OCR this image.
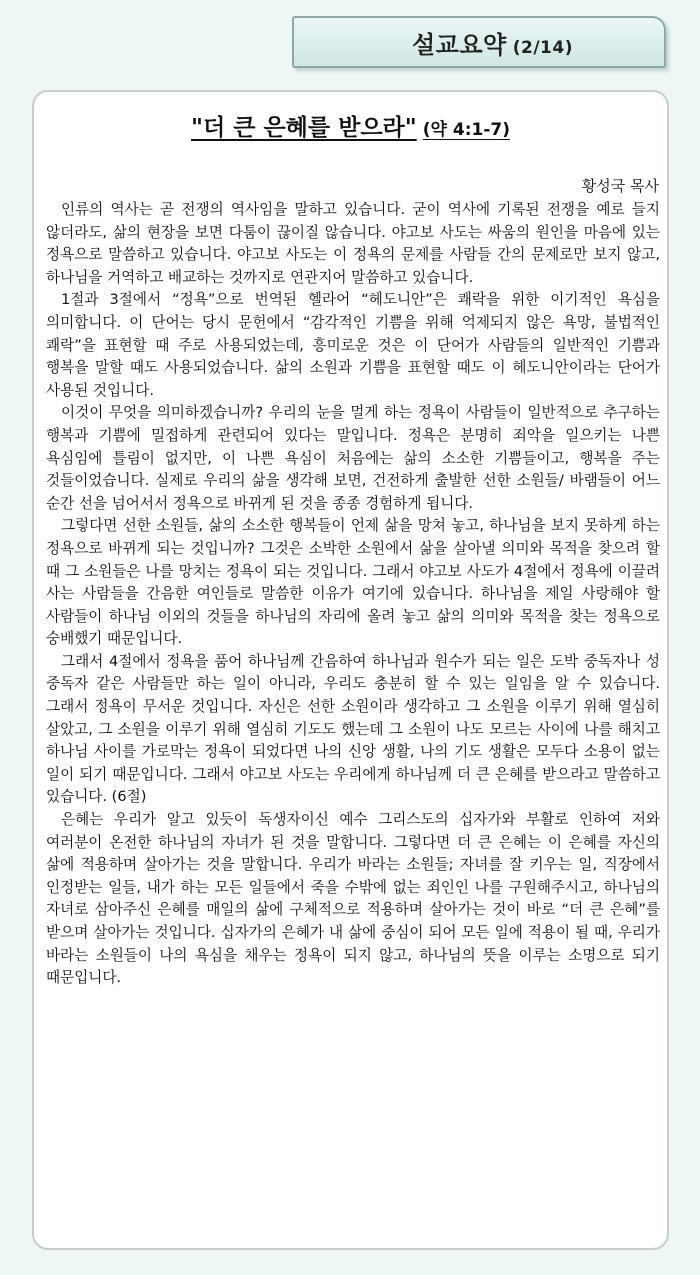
설교요약 (2/14)
"더 큰 은혜를 받으라" (약 4:1-7)
황성국 목사

인류의 역사는 곧 전쟁의 역사임을 말하고 있습니다. 굳이 역사에 기록된 전쟁을 예로 들지 않더라도, 삶의 현장을 보면 다툼이 끊이질 않습니다. 야고보 사도는 싸움의 원인을 마음에 있는 정욕으로 말씀하고 있습니다. 야고보 사도는 이 정욕의 문제를 사람들 간의 문제로만 보지 않고, 하나님을 거역하고 배교하는 것까지로 연관지어 말씀하고 있습니다.

1절과 3절에서 “정욕”으로 번역된 헬라어 “헤도니안”은 쾌락을 위한 이기적인 욕심을 의미합니다. 이 단어는 당시 문헌에서 “감각적인 기쁨을 위해 억제되지 않은 욕망, 불법적인 쾌락”을 표현할 때 주로 사용되었는데, 흥미로운 것은 이 단어가 사람들의 일반적인 기쁨과 행복을 말할 때도 사용되었습니다. 삶의 소원과 기쁨을 표현할 때도 이 헤도니안이라는 단어가 사용된 것입니다.

이것이 무엇을 의미하겠습니까? 우리의 눈을 멀게 하는 정욕이 사람들이 일반적으로 추구하는 행복과 기쁨에 밀접하게 관련되어 있다는 말입니다. 정욕은 분명히 죄악을 일으키는 나쁜 욕심임에 틀림이 없지만, 이 나쁜 욕심이 처음에는 삶의 소소한 기쁨들이고, 행복을 주는 것들이었습니다. 실제로 우리의 삶을 생각해 보면, 건전하게 출발한 선한 소원들/ 바램들이 어느 순간 선을 넘어서서 정욕으로 바뀌게 된 것을 종종 경험하게 됩니다.

그렇다면 선한 소원들, 삶의 소소한 행복들이 언제 삶을 망쳐 놓고, 하나님을 보지 못하게 하는 정욕으로 바뀌게 되는 것입니까? 그것은 소박한 소원에서 삶을 살아낼 의미와 목적을 찾으려 할 때 그 소원들은 나를 망치는 정욕이 되는 것입니다. 그래서 야고보 사도가 4절에서 정욕에 이끌려 사는 사람들을 간음한 여인들로 말씀한 이유가 여기에 있습니다. 하나님을 제일 사랑해야 할 사람들이 하나님 이외의 것들을 하나님의 자리에 올려 놓고 삶의 의미와 목적을 찾는 정욕으로 숭배했기 때문입니다.

그래서 4절에서 정욕을 품어 하나님께 간음하여 하나님과 원수가 되는 일은 도박 중독자나 성 중독자 같은 사람들만 하는 일이 아니라, 우리도 충분히 할 수 있는 일임을 알 수 있습니다. 그래서 정욕이 무서운 것입니다. 자신은 선한 소원이라 생각하고 그 소원을 이루기 위해 열심히 살았고, 그 소원을 이루기 위해 열심히 기도도 했는데 그 소원이 나도 모르는 사이에 나를 해치고 하나님 사이를 가로막는 정욕이 되었다면 나의 신앙 생활, 나의 기도 생활은 모두다 소용이 없는 일이 되기 때문입니다. 그래서 야고보 사도는 우리에게 하나님께 더 큰 은혜를 받으라고 말씀하고 있습니다. (6절)

은혜는 우리가 알고 있듯이 독생자이신 예수 그리스도의 십자가와 부활로 인하여 저와 여러분이 온전한 하나님의 자녀가 된 것을 말합니다. 그렇다면 더 큰 은혜는 이 은혜를 자신의 삶에 적용하며 살아가는 것을 말합니다. 우리가 바라는 소원들; 자녀를 잘 키우는 일, 직장에서 인정받는 일들, 내가 하는 모든 일들에서 죽을 수밖에 없는 죄인인 나를 구원해주시고, 하나님의 자녀로 삼아주신 은혜를 매일의 삶에 구체적으로 적용하며 살아가는 것이 바로 “더 큰 은혜”를 받으며 살아가는 것입니다. 십자가의 은혜가 내 삶에 중심이 되어 모든 일에 적용이 될 때, 우리가 바라는 소원들이 나의 욕심을 채우는 정욕이 되지 않고, 하나님의 뜻을 이루는 소명으로 되기 때문입니다.
